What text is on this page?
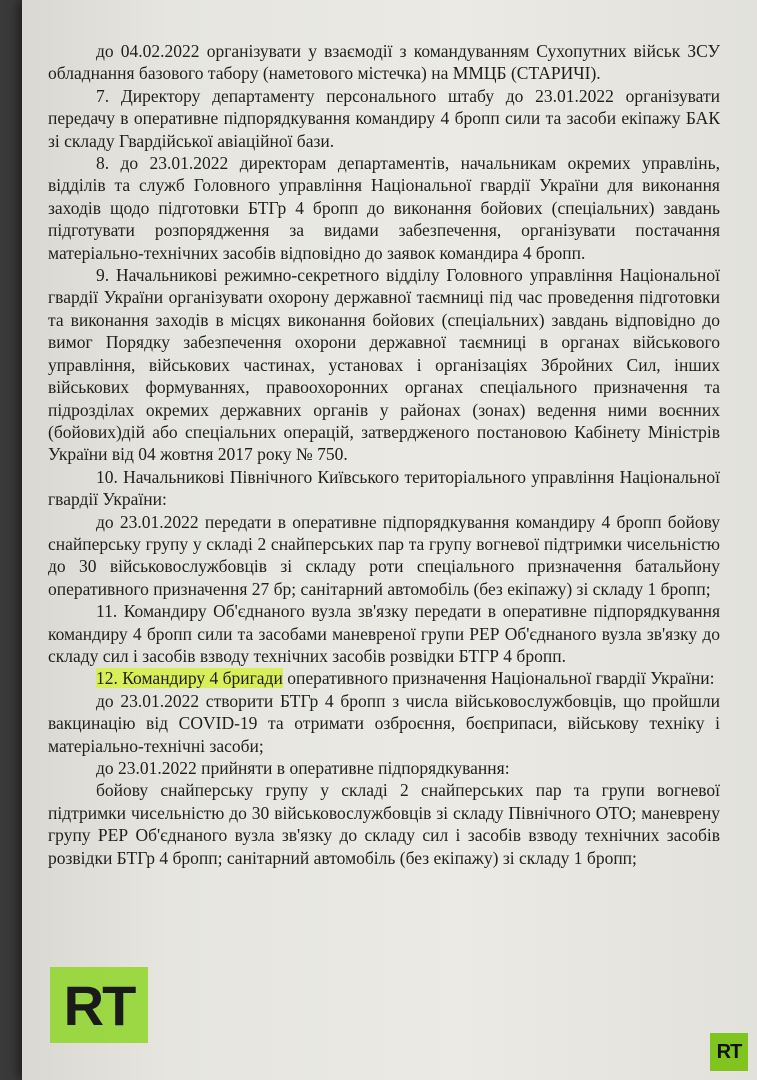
до 04.02.2022 організувати у взаємодії з командуванням Сухопутних військ ЗСУ обладнання базового табору (наметового містечка) на ММЦБ (СТАРИЧІ).

7. Директору департаменту персонального штабу до 23.01.2022 організувати передачу в оперативне підпорядкування командиру 4 бропп сили та засоби екіпажу БАК зі складу Гвардійської авіаційної бази.

8. до 23.01.2022 директорам департаментів, начальникам окремих управлінь, відділів та служб Головного управління Національної гвардії України для виконання заходів щодо підготовки БТГр 4 бропп до виконання бойових (спеціальних) завдань підготувати розпорядження за видами забезпечення, організувати постачання матеріально-технічних засобів відповідно до заявок командира 4 бропп.

9. Начальникові режимно-секретного відділу Головного управління Національної гвардії України організувати охорону державної таємниці під час проведення підготовки та виконання заходів в місцях виконання бойових (спеціальних) завдань відповідно до вимог Порядку забезпечення охорони державної таємниці в органах військового управління, військових частинах, установах і організаціях Збройних Сил, інших військових формуваннях, правоохоронних органах спеціального призначення та підрозділах окремих державних органів у районах (зонах) ведення ними воєнних (бойових)дій або спеціальних операцій, затвердженого постановою Кабінету Міністрів України від 04 жовтня 2017 року № 750.

10. Начальникові Північного Київського територіального управління Національної гвардії України:

до 23.01.2022 передати в оперативне підпорядкування командиру 4 бропп бойову снайперську групу у складі 2 снайперських пар та групу вогневої підтримки чисельністю до 30 військовослужбовців зі складу роти спеціального призначення батальйону оперативного призначення 27 бр; санітарний автомобіль (без екіпажу) зі складу 1 бропп;

11. Командиру Об'єднаного вузла зв'язку передати в оперативне підпорядкування командиру 4 бропп сили та засобами маневреної групи РЕР Об'єднаного вузла зв'язку до складу сил і засобів взводу технічних засобів розвідки БТГР 4 бропп.

12. Командиру 4 бригади оперативного призначення Національної гвардії України:

до 23.01.2022 створити БТГр 4 бропп з числа військовослужбовців, що пройшли вакцинацію від COVID-19 та отримати озброєння, боєприпаси, військову техніку і матеріально-технічні засоби;

до 23.01.2022 прийняти в оперативне підпорядкування:

бойову снайперську групу у складі 2 снайперських пар та групи вогневої підтримки чисельністю до 30 військовослужбовців зі складу Північного ОТО; маневрену групу РЕР Об'єднаного вузла зв'язку до складу сил і засобів взводу технічних засобів розвідки БТГр 4 бропп; санітарний автомобіль (без екіпажу) зі складу 1 бропп;

RT
RT
